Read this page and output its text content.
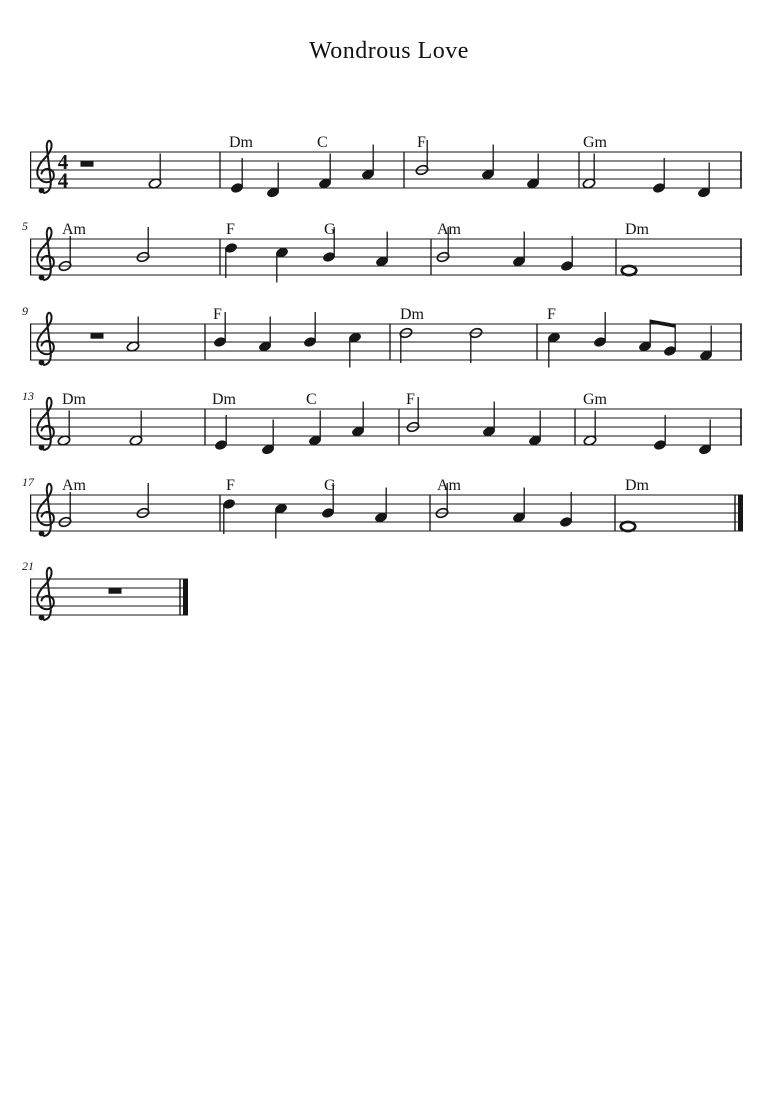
Wondrous Love
4
4
Dm	C	F	Gm
5 Am	F	G	Am	Dm
9	F	Dm	F
13 Dm	Dm	C	F	Gm
17 Am	F	G	Am	Dm
21
